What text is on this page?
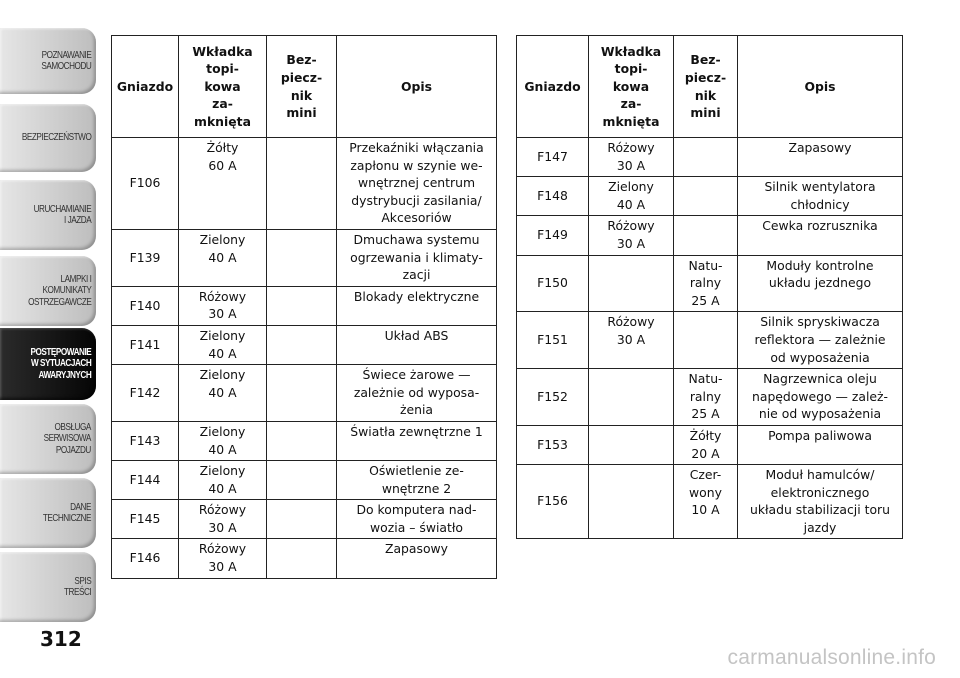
POZNAWANIE
SAMOCHODU
BEZPIECZEŃSTWO
URUCHAMIANIE
I JAZDA
LAMPKI I
KOMUNIKATY
OSTRZEGAWCZE
POSTĘPOWANIE
W SYTUACJACH
AWARYJNYCH
OBSŁUGA
SERWISOWA
POJAZDU
DANE
TECHNICZNE
SPIS
TREŚCI
312
Gniazdo	Wkładka
topi-
kowa
za-
mknięta	Bez-
piecz-
nik
mini	Opis
F106	Żółty
60 A		Przekaźniki włączania
zapłonu w szynie we-
wnętrznej centrum
dystrybucji zasilania/
Akcesoriów
F139	Zielony
40 A		Dmuchawa systemu
ogrzewania i klimaty-
zacji
F140	Różowy
30 A		Blokady elektryczne
F141	Zielony
40 A		Układ ABS
F142	Zielony
40 A		Świece żarowe —
zależnie od wyposa-
żenia
F143	Zielony
40 A		Światła zewnętrzne 1
F144	Zielony
40 A		Oświetlenie ze-
wnętrzne 2
F145	Różowy
30 A		Do komputera nad-
wozia – światło
F146	Różowy
30 A		Zapasowy
Gniazdo	Wkładka
topi-
kowa
za-
mknięta	Bez-
piecz-
nik
mini	Opis
F147	Różowy
30 A		Zapasowy
F148	Zielony
40 A		Silnik wentylatora
chłodnicy
F149	Różowy
30 A		Cewka rozrusznika
F150		Natu-
ralny
25 A	Moduły kontrolne
układu jezdnego
F151	Różowy
30 A		Silnik spryskiwacza
reflektora — zależnie
od wyposażenia
F152		Natu-
ralny
25 A	Nagrzewnica oleju
napędowego — zależ-
nie od wyposażenia
F153		Żółty
20 A	Pompa paliwowa
F156		Czer-
wony
10 A	Moduł hamulców/
elektronicznego
układu stabilizacji toru
jazdy
carmanualsonline.info
